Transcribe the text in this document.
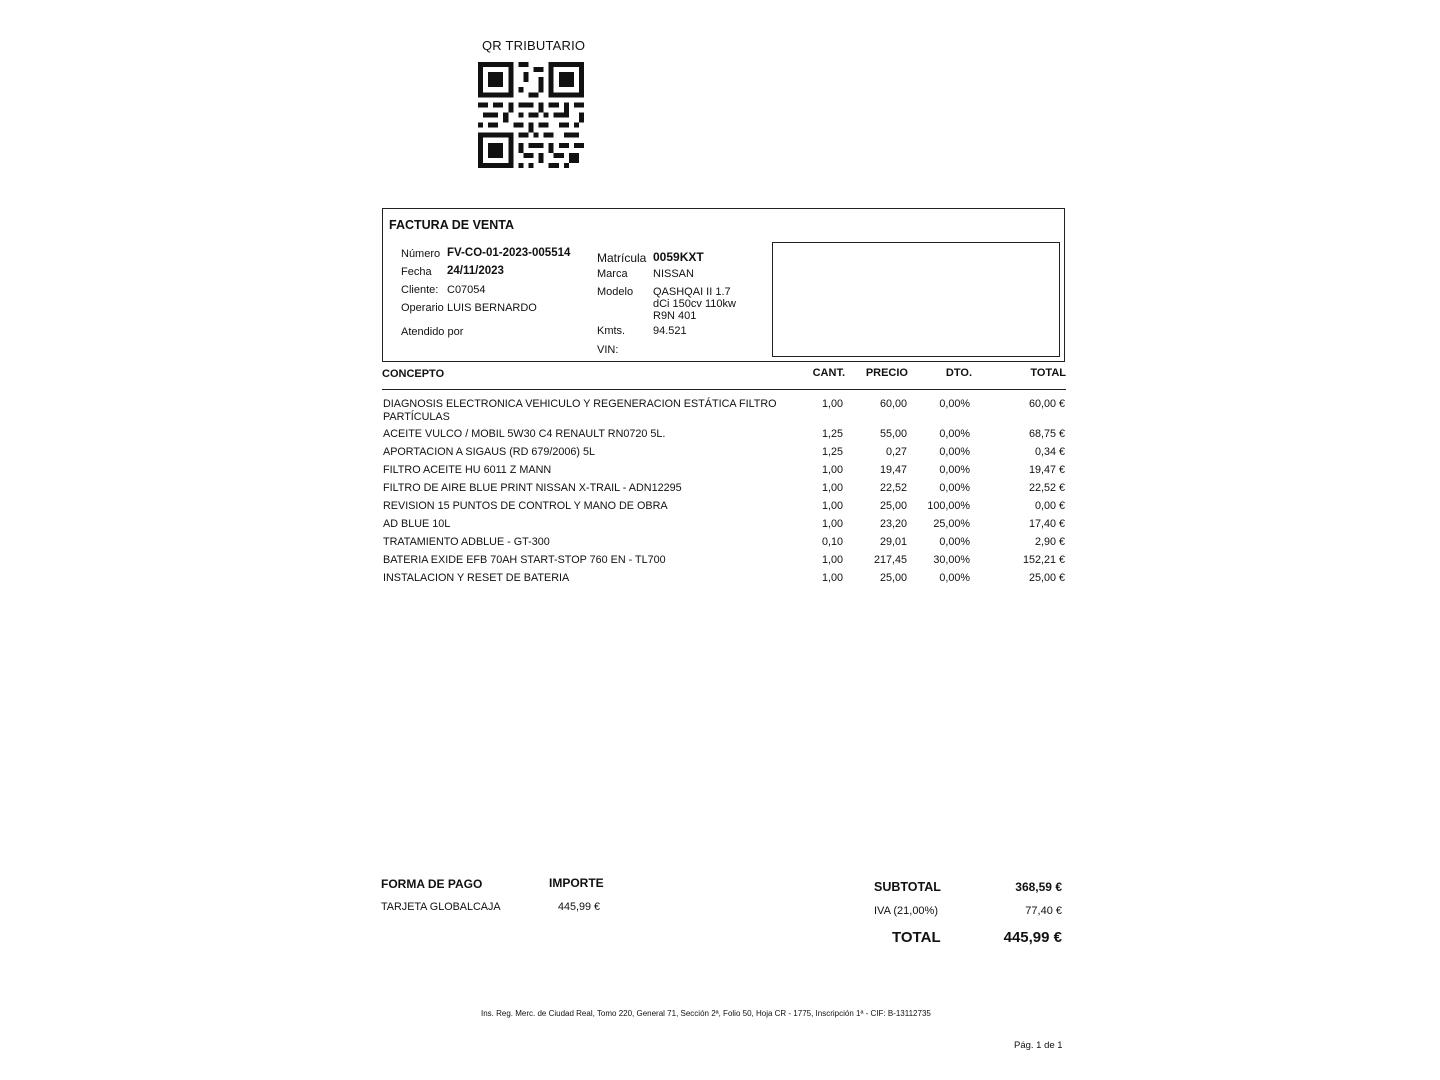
QR TRIBUTARIO
FACTURA DE VENTA
Número FV-CO-01-2023-005514
Fecha 24/11/2023
Cliente: C07054
Operario LUIS BERNARDO
Atendido por
Matrícula 0059KXT
Marca NISSAN
Modelo QASHQAI II 1.7
dCi 150cv 110kw
R9N 401
Kmts.	94.521
VIN:
CONCEPTO	CANT.	PRECIO	DTO.	TOTAL
DIAGNOSIS ELECTRONICA VEHICULO Y REGENERACION ESTÁTICA FILTRO PARTÍCULAS
1,00	60,00	0,00%	60,00 €
ACEITE VULCO / MOBIL 5W30 C4 RENAULT RN0720 5L.	1,25	55,00	0,00%	68,75 €
APORTACION A SIGAUS (RD 679/2006) 5L	1,25	0,27	0,00%	0,34 €
FILTRO ACEITE HU 6011 Z MANN	1,00	19,47	0,00%	19,47 €
FILTRO DE AIRE BLUE PRINT NISSAN X-TRAIL - ADN12295	1,00	22,52	0,00%	22,52 €
REVISION 15 PUNTOS DE CONTROL Y MANO DE OBRA	1,00	25,00	100,00%	0,00 €
AD BLUE 10L	1,00	23,20	25,00%	17,40 €
TRATAMIENTO ADBLUE - GT-300	0,10	29,01	0,00%	2,90 €
BATERIA EXIDE EFB 70AH START-STOP 760 EN - TL700	1,00	217,45	30,00%	152,21 €
INSTALACION Y RESET DE BATERIA	1,00	25,00	0,00%	25,00 €
FORMA DE PAGO	IMPORTE
TARJETA GLOBALCAJA	445,99 €
SUBTOTAL	368,59 €
IVA (21,00%)	77,40 €
TOTAL	445,99 €
Ins. Reg. Merc. de Ciudad Real, Tomo 220, General 71, Sección 2ª, Folio 50, Hoja CR - 1775, Inscripción 1ª - CIF: B-13112735
Pág. 1 de 1
